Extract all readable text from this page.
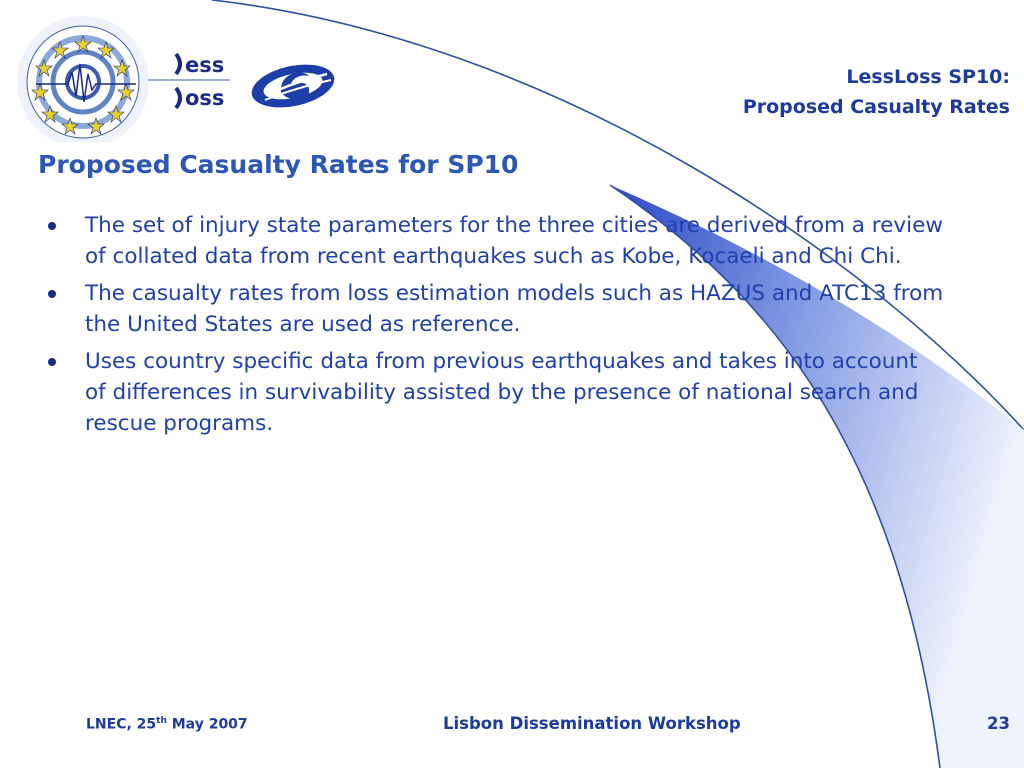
ess
oss
LessLoss SP10:
Proposed Casualty Rates
Proposed Casualty Rates for SP10
The set of injury state parameters for the three cities are derived from a review of collated data from recent earthquakes such as Kobe, Kocaeli and Chi Chi.
The casualty rates from loss estimation models such as HAZUS and ATC13 from the United States are used as reference.
Uses country specific data from previous earthquakes and takes into account of differences in survivability assisted by the presence of national search and rescue programs.
LNEC, 25th May 2007	Lisbon Dissemination Workshop	23
